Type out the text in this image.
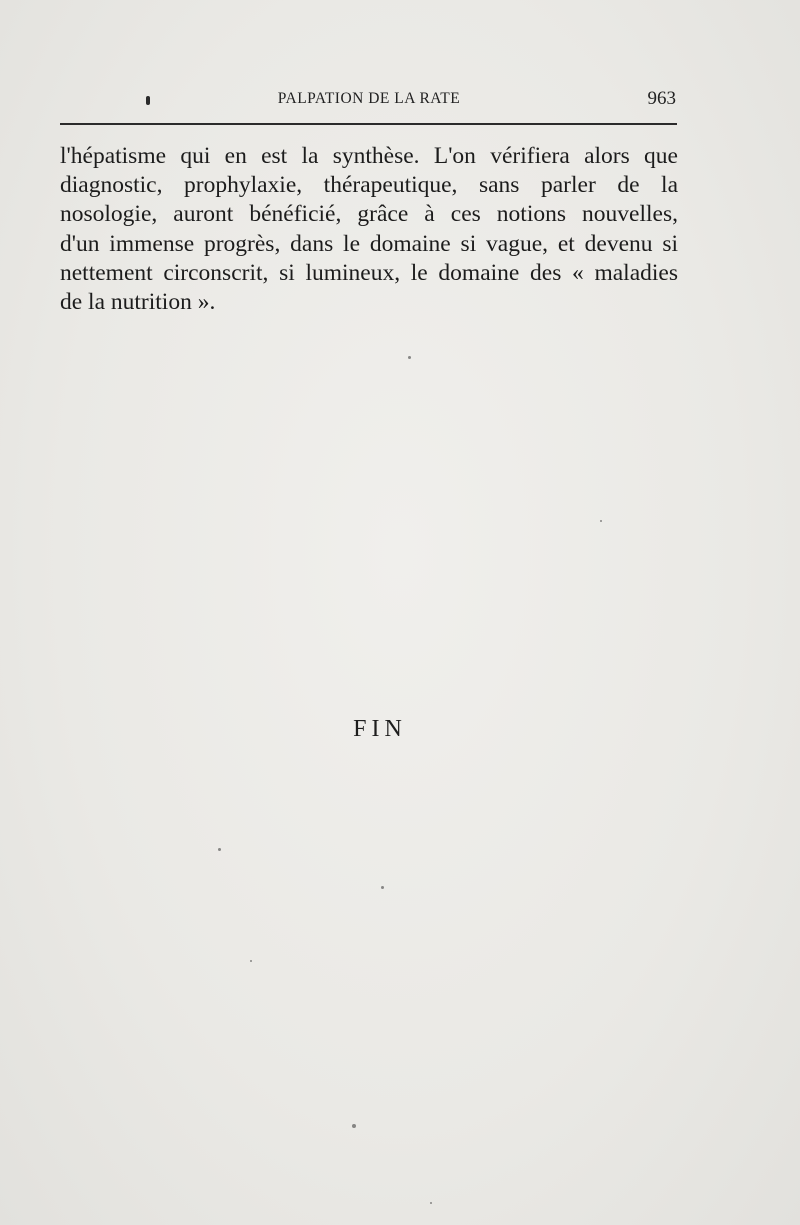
PALPATION DE LA RATE	963

l'hépatisme qui en est la synthèse. L'on vérifiera alors que
diagnostic, prophylaxie, thérapeutique, sans parler de la
nosologie, auront bénéficié, grâce à ces notions nouvelles,
d'un immense progrès, dans le domaine si vague, et devenu si
nettement circonscrit, si lumineux, le domaine des « maladies
de la nutrition ».

FIN
